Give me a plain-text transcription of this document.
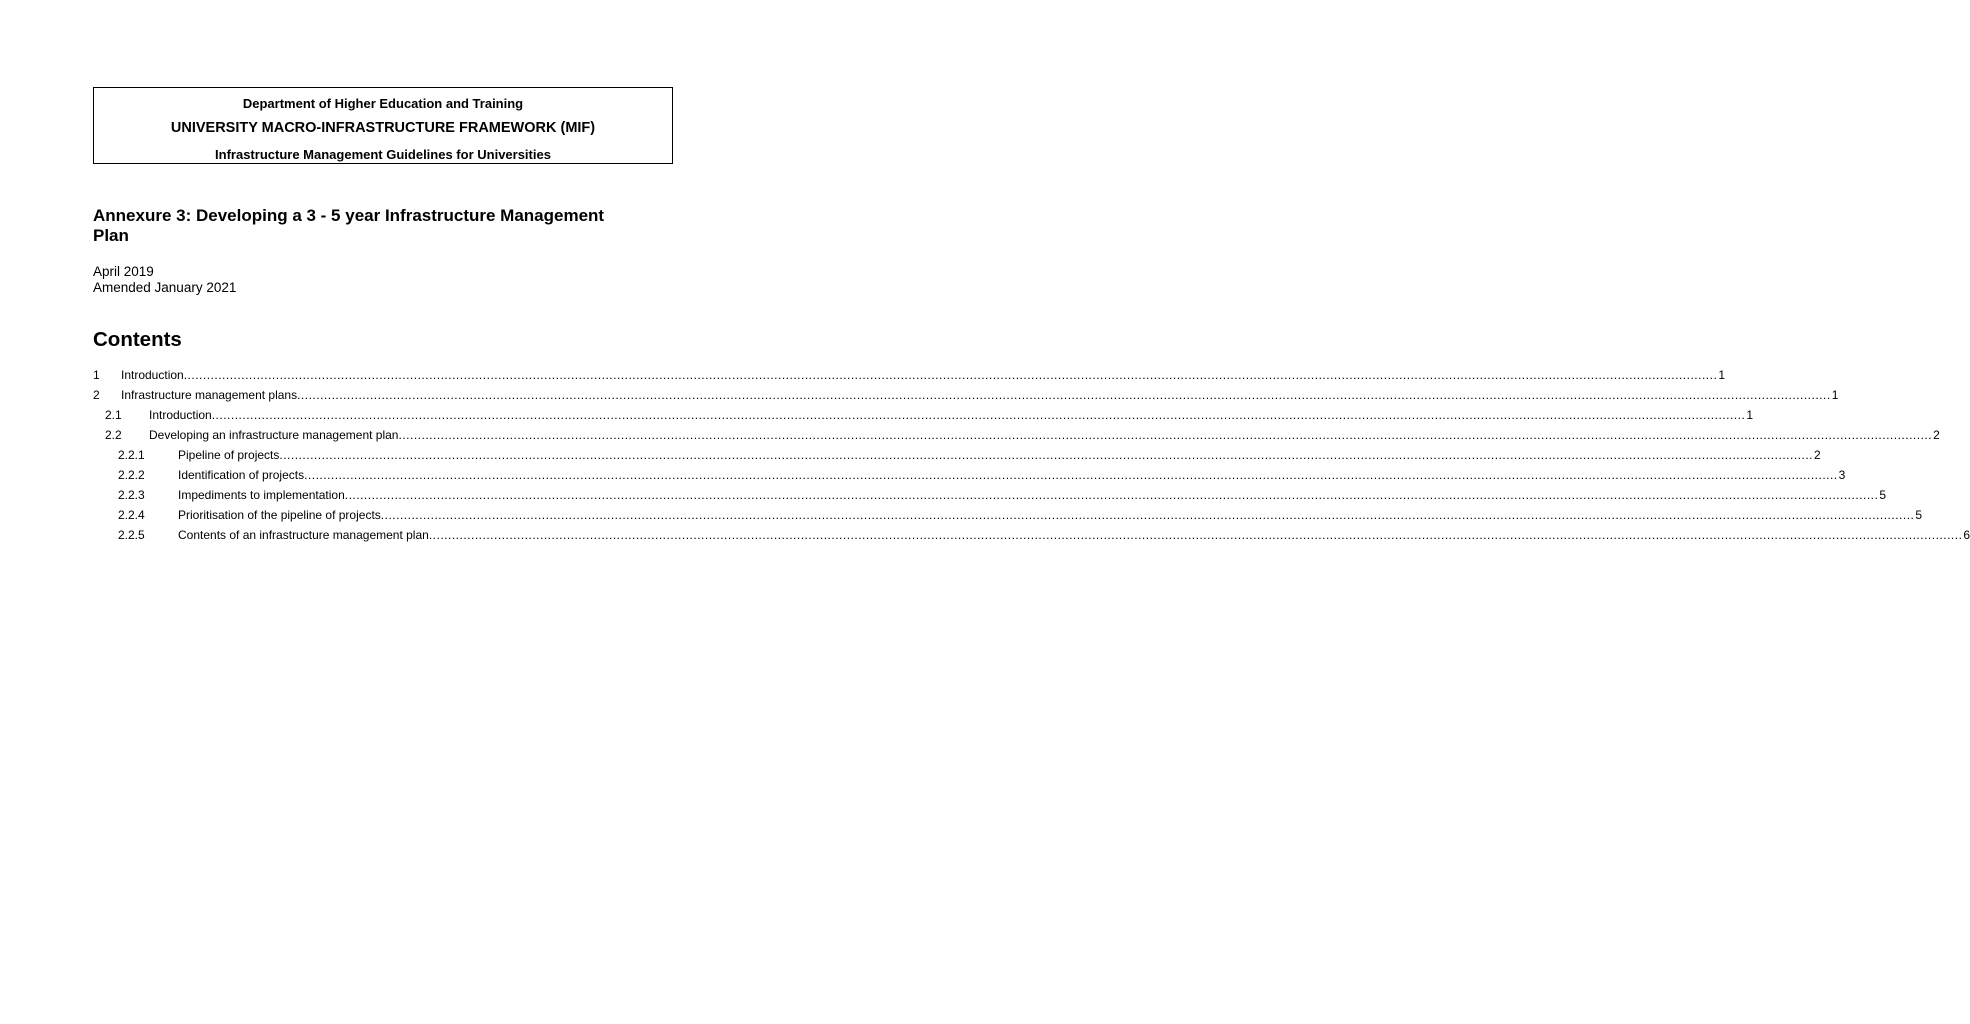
Department of Higher Education and Training
UNIVERSITY MACRO-INFRASTRUCTURE FRAMEWORK (MIF)
Infrastructure Management Guidelines for Universities
Annexure 3: Developing a 3 - 5 year Infrastructure Management
Plan
April 2019
Amended January 2021
Contents
1 Introduction ................................................................................................................................................................................................................................................................................................................................................................................................................ 1
2 Infrastructure management plans ................................................................................................................................................................................................................................................................................................................................................................................................................ 1
2.1 Introduction ................................................................................................................................................................................................................................................................................................................................................................................................................ 1
2.2 Developing an infrastructure management plan ................................................................................................................................................................................................................................................................................................................................................................................................................ 2
2.2.1	Pipeline of projects ................................................................................................................................................................................................................................................................................................................................................................................................................ 2
2.2.2	Identification of projects ................................................................................................................................................................................................................................................................................................................................................................................................................ 3
2.2.3	Impediments to implementation ................................................................................................................................................................................................................................................................................................................................................................................................................ 5
2.2.4	Prioritisation of the pipeline of projects ................................................................................................................................................................................................................................................................................................................................................................................................................ 5
2.2.5	Contents of an infrastructure management plan ................................................................................................................................................................................................................................................................................................................................................................................................................ 6
